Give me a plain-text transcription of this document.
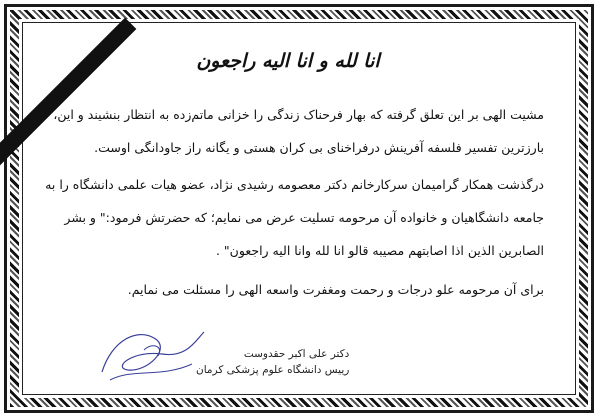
انا لله و انا اليه راجعون

مشیت الهی بر این تعلق گرفته که بهار فرحناک زندگی را خزانی ماتم‌زده به انتظار بنشیند و این، بارزترین تفسیر فلسفه آفرینش درفراخنای بی کران هستی و یگانه راز جاودانگی اوست.

درگذشت همکار گرامیمان سرکارخانم دکتر معصومه رشیدی نژاد، عضو هیات علمی دانشگاه را به جامعه دانشگاهیان و خانواده آن مرحومه تسلیت عرض می نمایم؛ که حضرتش فرمود:" و بشر الصابرین الذین اذا اصابتهم مصیبه قالو انا لله وانا الیه راجعون" .

برای آن مرحومه علو درجات و رحمت ومغفرت واسعه الهی را مسئلت می نمایم.

دکتر علی اکبر حقدوست
رییس دانشگاه علوم پزشکی کرمان
